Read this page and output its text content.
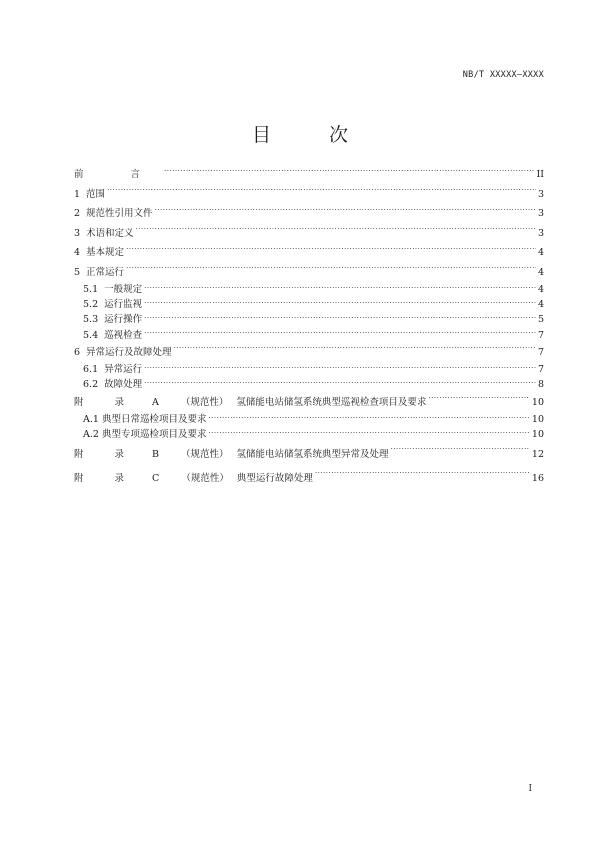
NB/T XXXXX—XXXX
目 次
前 言 .....	II
1 范围 .....	3
2 规范性引用文件 .....	3
3 术语和定义 .....	3
4 基本规定 .....	4
5 正常运行 .....	4
5.1 一般规定 .....	4
5.2 运行监视 .....	4
5.3 运行操作 .....	5
5.4 巡视检查 .....	7
6 异常运行及故障处理 .....	7
6.1 异常运行 .....	7
6.2 故障处理 .....	8
附 录 A （规范性） 氢储能电站储氢系统典型巡视检查项目及要求 .....	10
A.1 典型日常巡检项目及要求 .....	10
A.2 典型专项巡检项目及要求 .....	10
附 录 B （规范性） 氢储能电站储氢系统典型异常及处理 .....	12
附 录 C （规范性） 典型运行故障处理 .....	16
I
